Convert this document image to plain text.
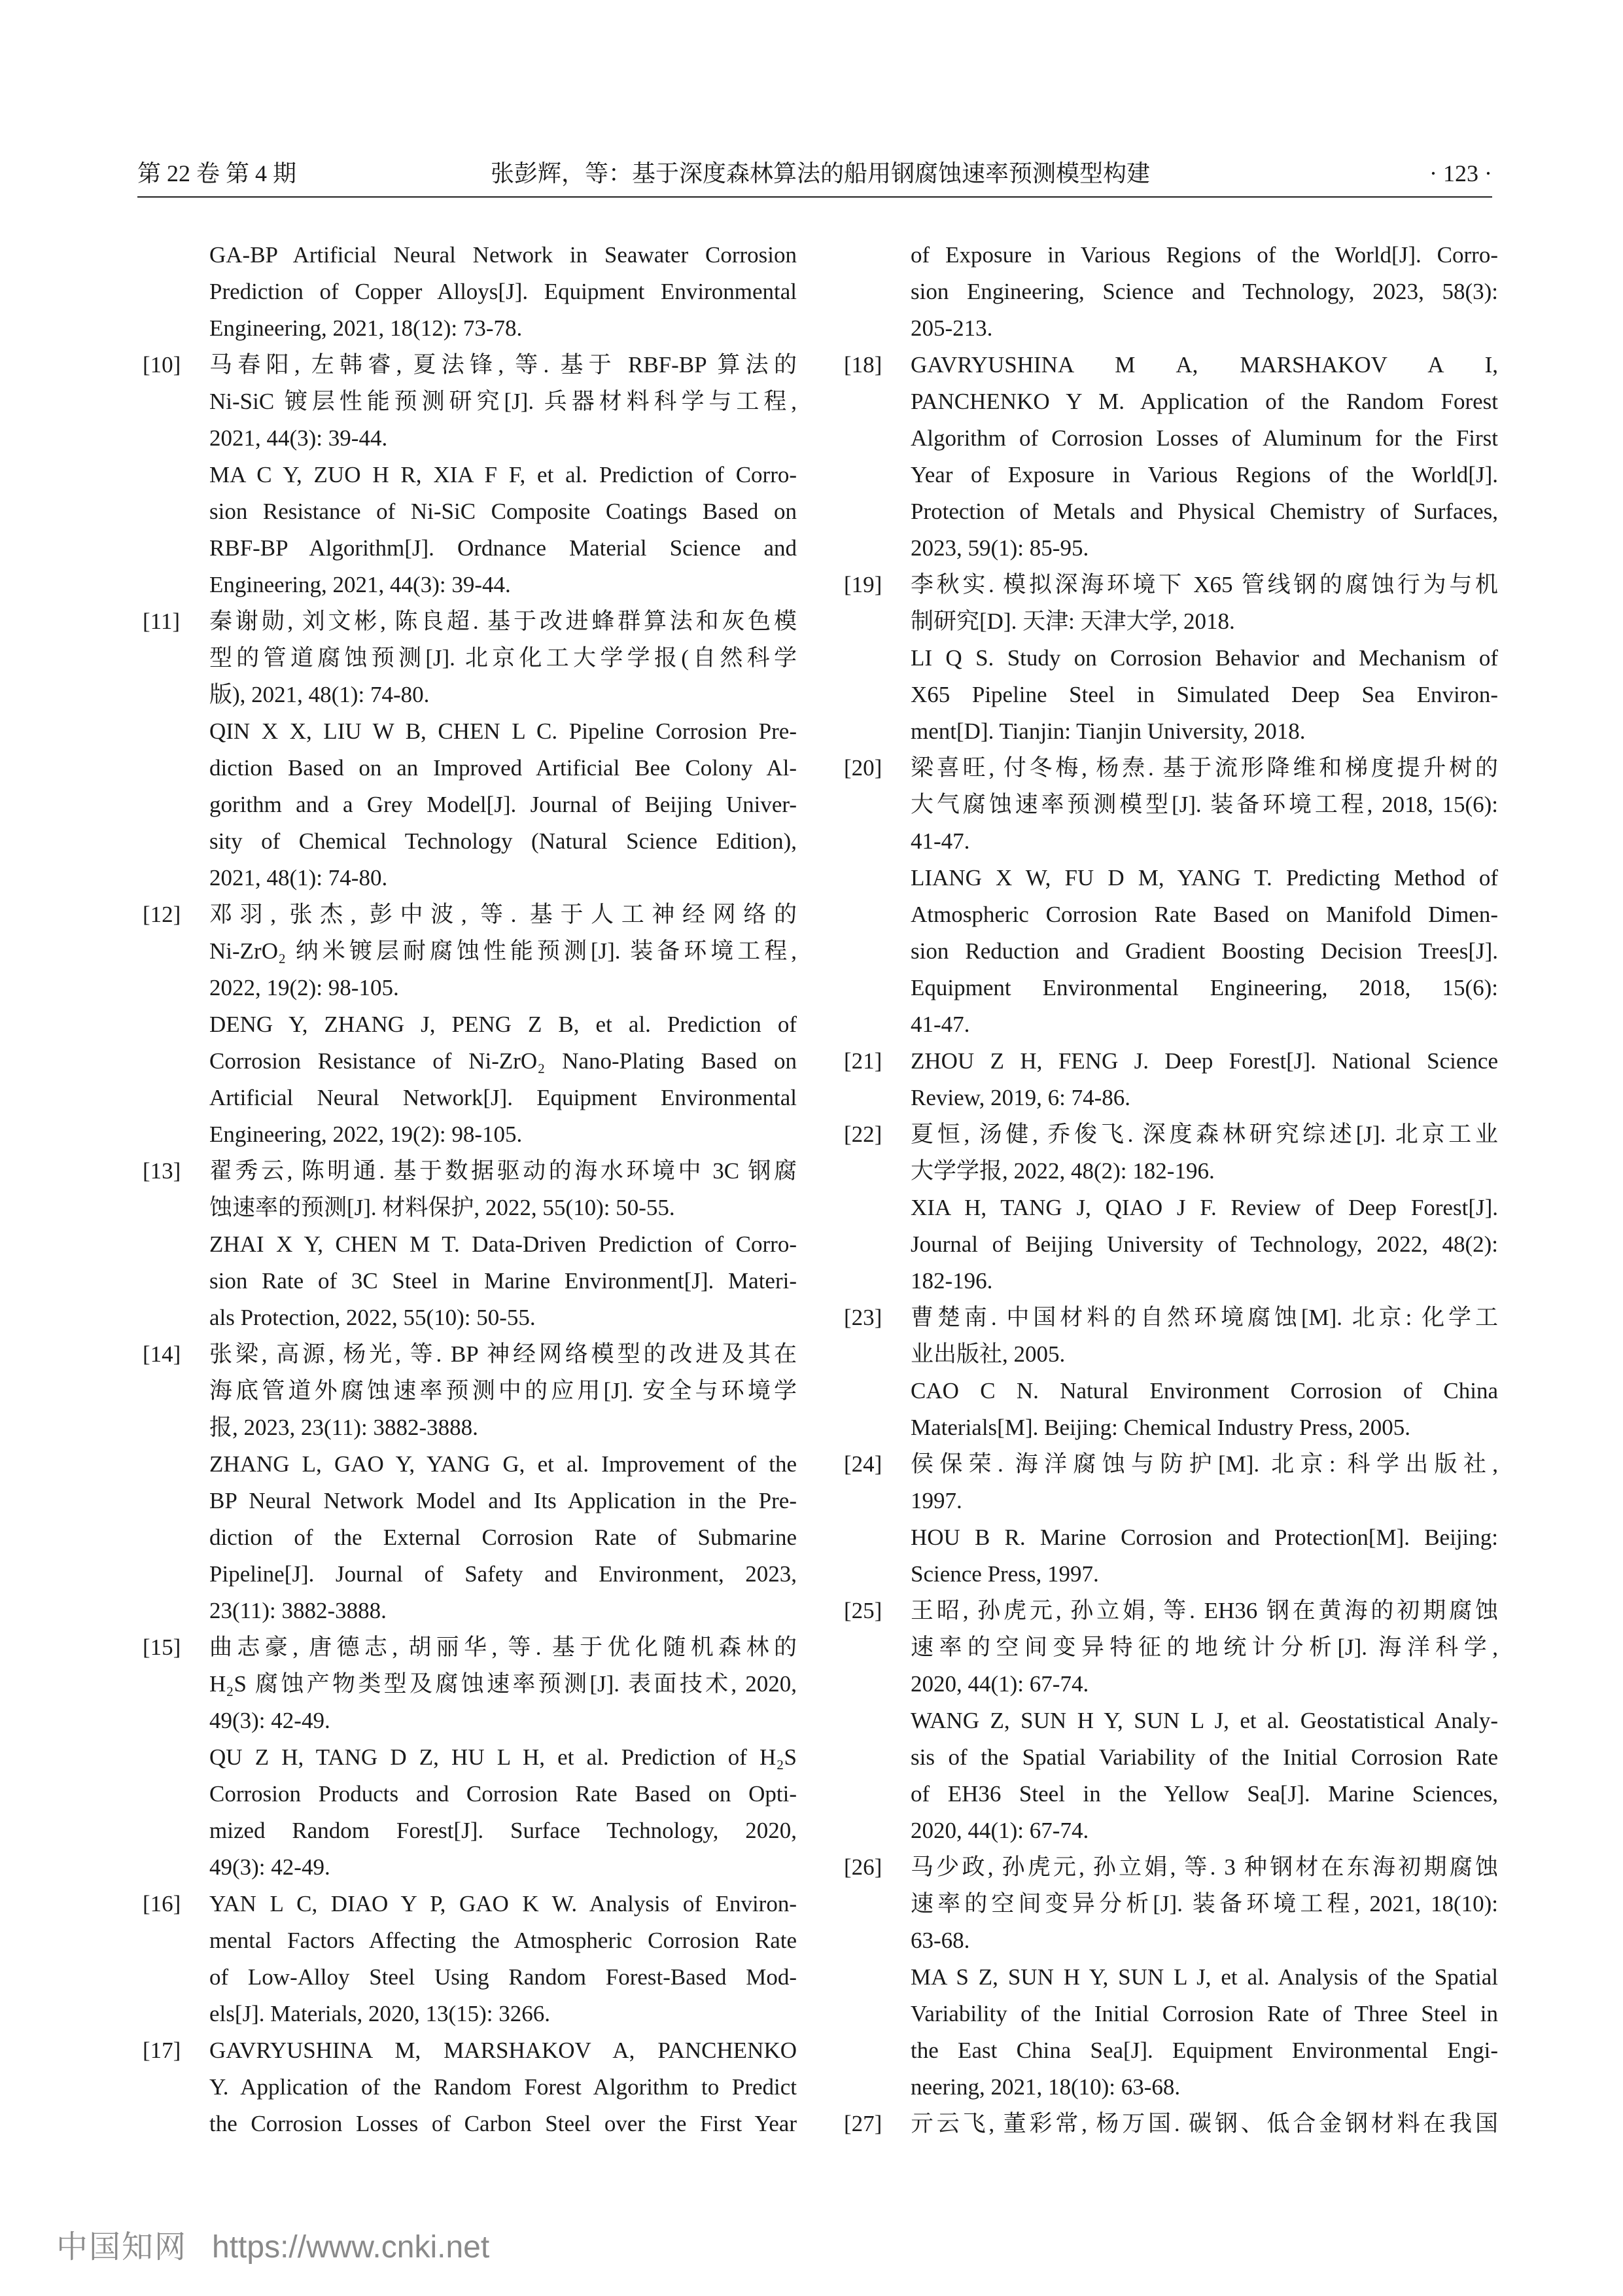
第 22 卷 第 4 期	张彭辉，等：基于深度森林算法的船用钢腐蚀速率预测模型构建	· 123 ·
GA-BP Artificial Neural Network in Seawater Corrosion
Prediction of Copper Alloys[J]. Equipment Environmental
Engineering, 2021, 18(12): 73-78.
[10] 马春阳, 左韩睿, 夏法锋, 等. 基于 RBF-BP 算法的
Ni-SiC 镀层性能预测研究[J]. 兵器材料科学与工程,
2021, 44(3): 39-44.
MA C Y, ZUO H R, XIA F F, et al. Prediction of Corro-
sion Resistance of Ni-SiC Composite Coatings Based on
RBF-BP Algorithm[J]. Ordnance Material Science and
Engineering, 2021, 44(3): 39-44.
[11] 秦谢勋, 刘文彬, 陈良超. 基于改进蜂群算法和灰色模
型的管道腐蚀预测[J]. 北京化工大学学报(自然科学
版), 2021, 48(1): 74-80.
QIN X X, LIU W B, CHEN L C. Pipeline Corrosion Pre-
diction Based on an Improved Artificial Bee Colony Al-
gorithm and a Grey Model[J]. Journal of Beijing Univer-
sity of Chemical Technology (Natural Science Edition),
2021, 48(1): 74-80.
[12] 邓羽, 张杰, 彭中波, 等. 基于人工神经网络的
Ni-ZrO₂ 纳米镀层耐腐蚀性能预测[J]. 装备环境工程,
2022, 19(2): 98-105.
DENG Y, ZHANG J, PENG Z B, et al. Prediction of
Corrosion Resistance of Ni-ZrO₂ Nano-Plating Based on
Artificial Neural Network[J]. Equipment Environmental
Engineering, 2022, 19(2): 98-105.
[13] 翟秀云, 陈明通. 基于数据驱动的海水环境中 3C 钢腐
蚀速率的预测[J]. 材料保护, 2022, 55(10): 50-55.
ZHAI X Y, CHEN M T. Data-Driven Prediction of Corro-
sion Rate of 3C Steel in Marine Environment[J]. Materi-
als Protection, 2022, 55(10): 50-55.
[14] 张梁, 高源, 杨光, 等. BP 神经网络模型的改进及其在
海底管道外腐蚀速率预测中的应用[J]. 安全与环境学
报, 2023, 23(11): 3882-3888.
ZHANG L, GAO Y, YANG G, et al. Improvement of the
BP Neural Network Model and Its Application in the Pre-
diction of the External Corrosion Rate of Submarine
Pipeline[J]. Journal of Safety and Environment, 2023,
23(11): 3882-3888.
[15] 曲志豪, 唐德志, 胡丽华, 等. 基于优化随机森林的
H₂S 腐蚀产物类型及腐蚀速率预测[J]. 表面技术, 2020,
49(3): 42-49.
QU Z H, TANG D Z, HU L H, et al. Prediction of H₂S
Corrosion Products and Corrosion Rate Based on Opti-
mized Random Forest[J]. Surface Technology, 2020,
49(3): 42-49.
[16] YAN L C, DIAO Y P, GAO K W. Analysis of Environ-
mental Factors Affecting the Atmospheric Corrosion Rate
of Low-Alloy Steel Using Random Forest-Based Mod-
els[J]. Materials, 2020, 13(15): 3266.
[17] GAVRYUSHINA M, MARSHAKOV A, PANCHENKO
Y. Application of the Random Forest Algorithm to Predict
the Corrosion Losses of Carbon Steel over the First Year
of Exposure in Various Regions of the World[J]. Corro-
sion Engineering, Science and Technology, 2023, 58(3):
205-213.
[18] GAVRYUSHINA M A, MARSHAKOV A I,
PANCHENKO Y M. Application of the Random Forest
Algorithm of Corrosion Losses of Aluminum for the First
Year of Exposure in Various Regions of the World[J].
Protection of Metals and Physical Chemistry of Surfaces,
2023, 59(1): 85-95.
[19] 李秋实. 模拟深海环境下 X65 管线钢的腐蚀行为与机
制研究[D]. 天津: 天津大学, 2018.
LI Q S. Study on Corrosion Behavior and Mechanism of
X65 Pipeline Steel in Simulated Deep Sea Environ-
ment[D]. Tianjin: Tianjin University, 2018.
[20] 梁喜旺, 付冬梅, 杨焘. 基于流形降维和梯度提升树的
大气腐蚀速率预测模型[J]. 装备环境工程, 2018, 15(6):
41-47.
LIANG X W, FU D M, YANG T. Predicting Method of
Atmospheric Corrosion Rate Based on Manifold Dimen-
sion Reduction and Gradient Boosting Decision Trees[J].
Equipment Environmental Engineering, 2018, 15(6):
41-47.
[21] ZHOU Z H, FENG J. Deep Forest[J]. National Science
Review, 2019, 6: 74-86.
[22] 夏恒, 汤健, 乔俊飞. 深度森林研究综述[J]. 北京工业
大学学报, 2022, 48(2): 182-196.
XIA H, TANG J, QIAO J F. Review of Deep Forest[J].
Journal of Beijing University of Technology, 2022, 48(2):
182-196.
[23] 曹楚南. 中国材料的自然环境腐蚀[M]. 北京: 化学工
业出版社, 2005.
CAO C N. Natural Environment Corrosion of China
Materials[M]. Beijing: Chemical Industry Press, 2005.
[24] 侯保荣. 海洋腐蚀与防护[M]. 北京: 科学出版社,
1997.
HOU B R. Marine Corrosion and Protection[M]. Beijing:
Science Press, 1997.
[25] 王昭, 孙虎元, 孙立娟, 等. EH36 钢在黄海的初期腐蚀
速率的空间变异特征的地统计分析[J]. 海洋科学,
2020, 44(1): 67-74.
WANG Z, SUN H Y, SUN L J, et al. Geostatistical Analy-
sis of the Spatial Variability of the Initial Corrosion Rate
of EH36 Steel in the Yellow Sea[J]. Marine Sciences,
2020, 44(1): 67-74.
[26] 马少政, 孙虎元, 孙立娟, 等. 3 种钢材在东海初期腐蚀
速率的空间变异分析[J]. 装备环境工程, 2021, 18(10):
63-68.
MA S Z, SUN H Y, SUN L J, et al. Analysis of the Spatial
Variability of the Initial Corrosion Rate of Three Steel in
the East China Sea[J]. Equipment Environmental Engi-
neering, 2021, 18(10): 63-68.
[27] 亓云飞, 董彩常, 杨万国. 碳钢、低合金钢材料在我国
中国知网 https://www.cnki.net
